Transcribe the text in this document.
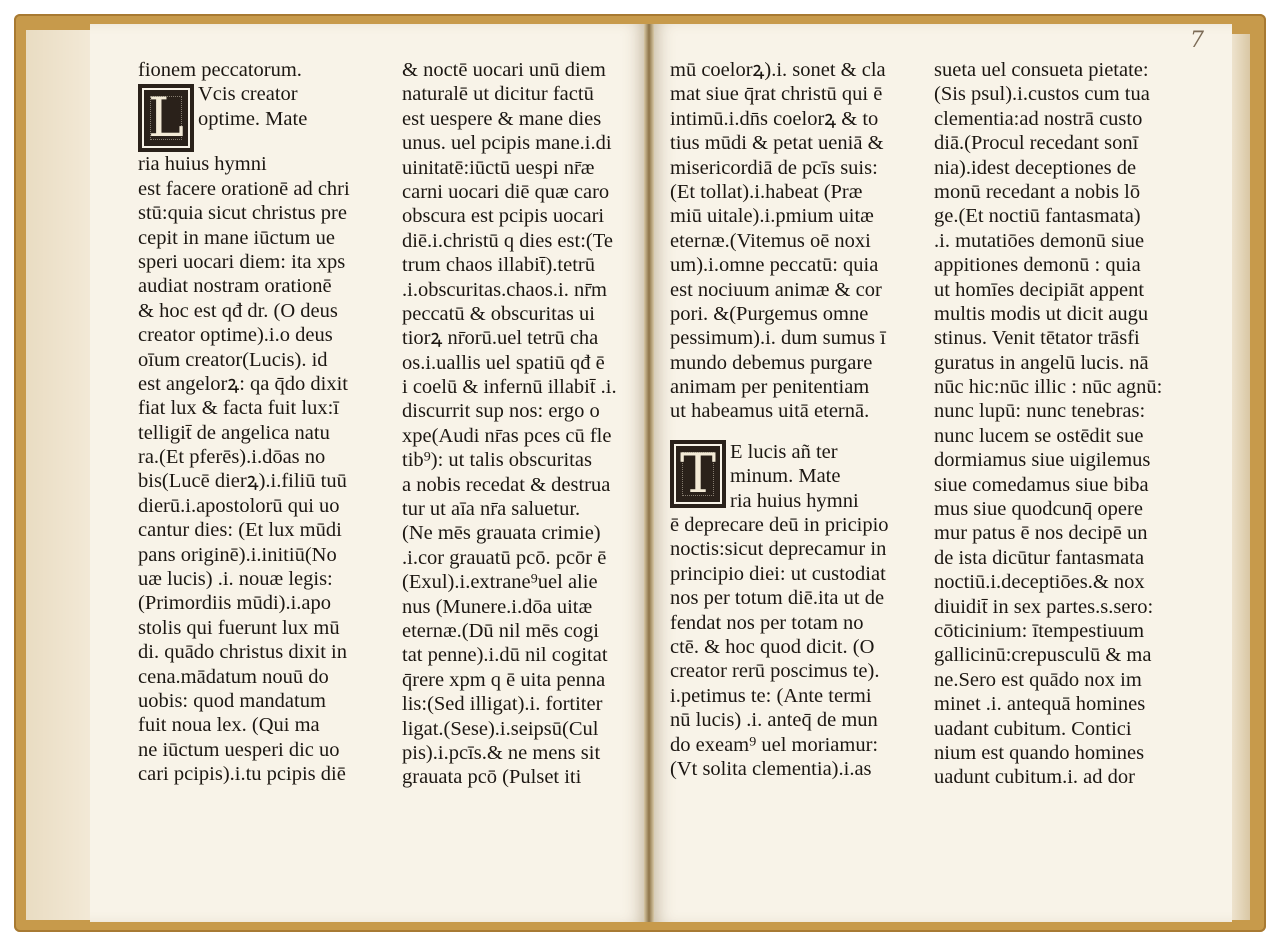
7
fionem peccatorum.
L Vcis creator
optime. Mate
ria huius hymni
est facere orationē ad chri
stū:quia sicut christus pre
cepit in mane iūctum ue
speri uocari diem: ita xps
audiat nostram orationē
& hoc est qđ dr. (O deus
creator optime).i.o deus
oīum creator(Lucis). id
est angelorꝝ: qa q̄do dixit
fiat lux & facta fuit lux:ī
telligit̄ de angelica natu
ra.(Et pferēs).i.dōas no
bis(Lucē dierꝝ).i.filiū tuū
dierū.i.apostolorū qui uo
cantur dies: (Et lux mūdi
pans originē).i.initiū(No
uæ lucis) .i. nouæ legis:
(Primordiis mūdi).i.apo
stolis qui fuerunt lux mū
di. quādo christus dixit in
cena.mādatum nouū do
uobis: quod mandatum
fuit noua lex. (Qui ma
ne iūctum uesperi dic uo
cari pcipis).i.tu pcipis diē
& noctē uocari unū diem
naturalē ut dicitur factū
est uespere & mane dies
unus. uel pcipis mane.i.di
uinitatē:iūctū uespi nr̄æ
carni uocari diē quæ caro
obscura est pcipis uocari
diē.i.christū q dies est:(Te
trum chaos illabit̄).tetrū
.i.obscuritas.chaos.i. nr̄m
peccatū & obscuritas ui
tiorꝝ nr̄orū.uel tetrū cha
os.i.uallis uel spatiū qđ ē
i coelū & infernū illabit̄ .i.
discurrit sup nos: ergo o
xpe(Audi nr̄as pces cū fle
tib⁹): ut talis obscuritas
a nobis recedat & destrua
tur ut aīa nr̄a saluetur.
(Ne mēs grauata crimie)
.i.cor grauatū pcō. pcōr ē
(Exul).i.extrane⁹uel alie
nus (Munere.i.dōa uitæ
eternæ.(Dū nil mēs cogi
tat penne).i.dū nil cogitat
q̄rere xpm q ē uita penna
lis:(Sed illigat).i. fortiter
ligat.(Sese).i.seipsū(Cul
pis).i.pcīs.& ne mens sit
grauata pcō (Pulset iti
mū coelorꝝ).i. sonet & cla
mat siue q̄rat christū qui ē
intimū.i.dn̄s coelorꝝ & to
tius mūdi & petat ueniā &
misericordiā de pcīs suis:
(Et tollat).i.habeat (Præ
miū uitale).i.pmium uitæ
eternæ.(Vitemus oē noxi
um).i.omne peccatū: quia
est nociuum animæ & cor
pori. &(Purgemus omne
pessimum).i. dum sumus ī
mundo debemus purgare
animam per penitentiam
ut habeamus uitā eternā.
T E lucis añ ter
minum. Mate
ria huius hymni
ē deprecare deū in pricipio
noctis:sicut deprecamur in
principio diei: ut custodiat
nos per totum diē.ita ut de
fendat nos per totam no
ctē. & hoc quod dicit. (O
creator rerū poscimus te).
i.petimus te: (Ante termi
nū lucis) .i. anteq̄ de mun
do exeam⁹ uel moriamur:
(Vt solita clementia).i.as
sueta uel consueta pietate:
(Sis psul).i.custos cum tua
clementia:ad nostrā custo
diā.(Procul recedant sonī
nia).idest deceptiones de
monū recedant a nobis lō
ge.(Et noctiū fantasmata)
.i. mutatiōes demonū siue
appitiones demonū : quia
ut homīes decipiāt appent
multis modis ut dicit augu
stinus. Venit tētator trāsfi
guratus in angelū lucis. nā
nūc hic:nūc illic : nūc agnū:
nunc lupū: nunc tenebras:
nunc lucem se ostēdit sue
dormiamus siue uigilemus
siue comedamus siue biba
mus siue quodcunq̄ opere
mur patus ē nos decipē un
de ista dicūtur fantasmata
noctiū.i.deceptiōes.& nox
diuidit̄ in sex partes.s.sero:
cōticinium: ītempestiuum
gallicinū:crepusculū & ma
ne.Sero est quādo nox im
minet .i. antequā homines
uadant cubitum. Contici
nium est quando homines
uadunt cubitum.i. ad dor
